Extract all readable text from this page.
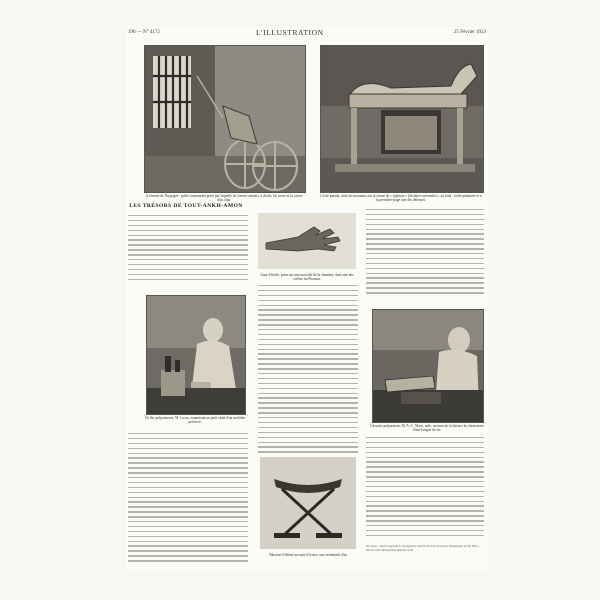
196 — N° 4172	L'ILLUSTRATION	25 Février 1923
A l'entrée de l'hypogée : grille surmontant porte par laquelle les trésors extraits, à droite, les roues et la caisse d'un char.
Lit de parade, dont les montants ont la forme de « typhons » (divinités infernales) ; au fond : boîte peinturée et à la première-page une des défenses.
LES TRÉSORS DE TOUT-ANKH-AMON
Gant d'étoffe, peint sur une muraille de la chambre, dans une des coffres du Pharaon.
Un des préparateurs, M. Lucas, examinant un petit objet d'un mobilier préservé.
Un autre préparateur, M. A.-C. Mace, aide, ouvrant de la faïence les fermetures d'une longue de fer.
Tabouret d'ébène incrusté d'ivoire, aux extrémités d'un
The Times : World copyright by arrangement with the Earl of Carnarvon. Photographs by Mr. Harry Burton of the Metropolitan Museum of Art.
